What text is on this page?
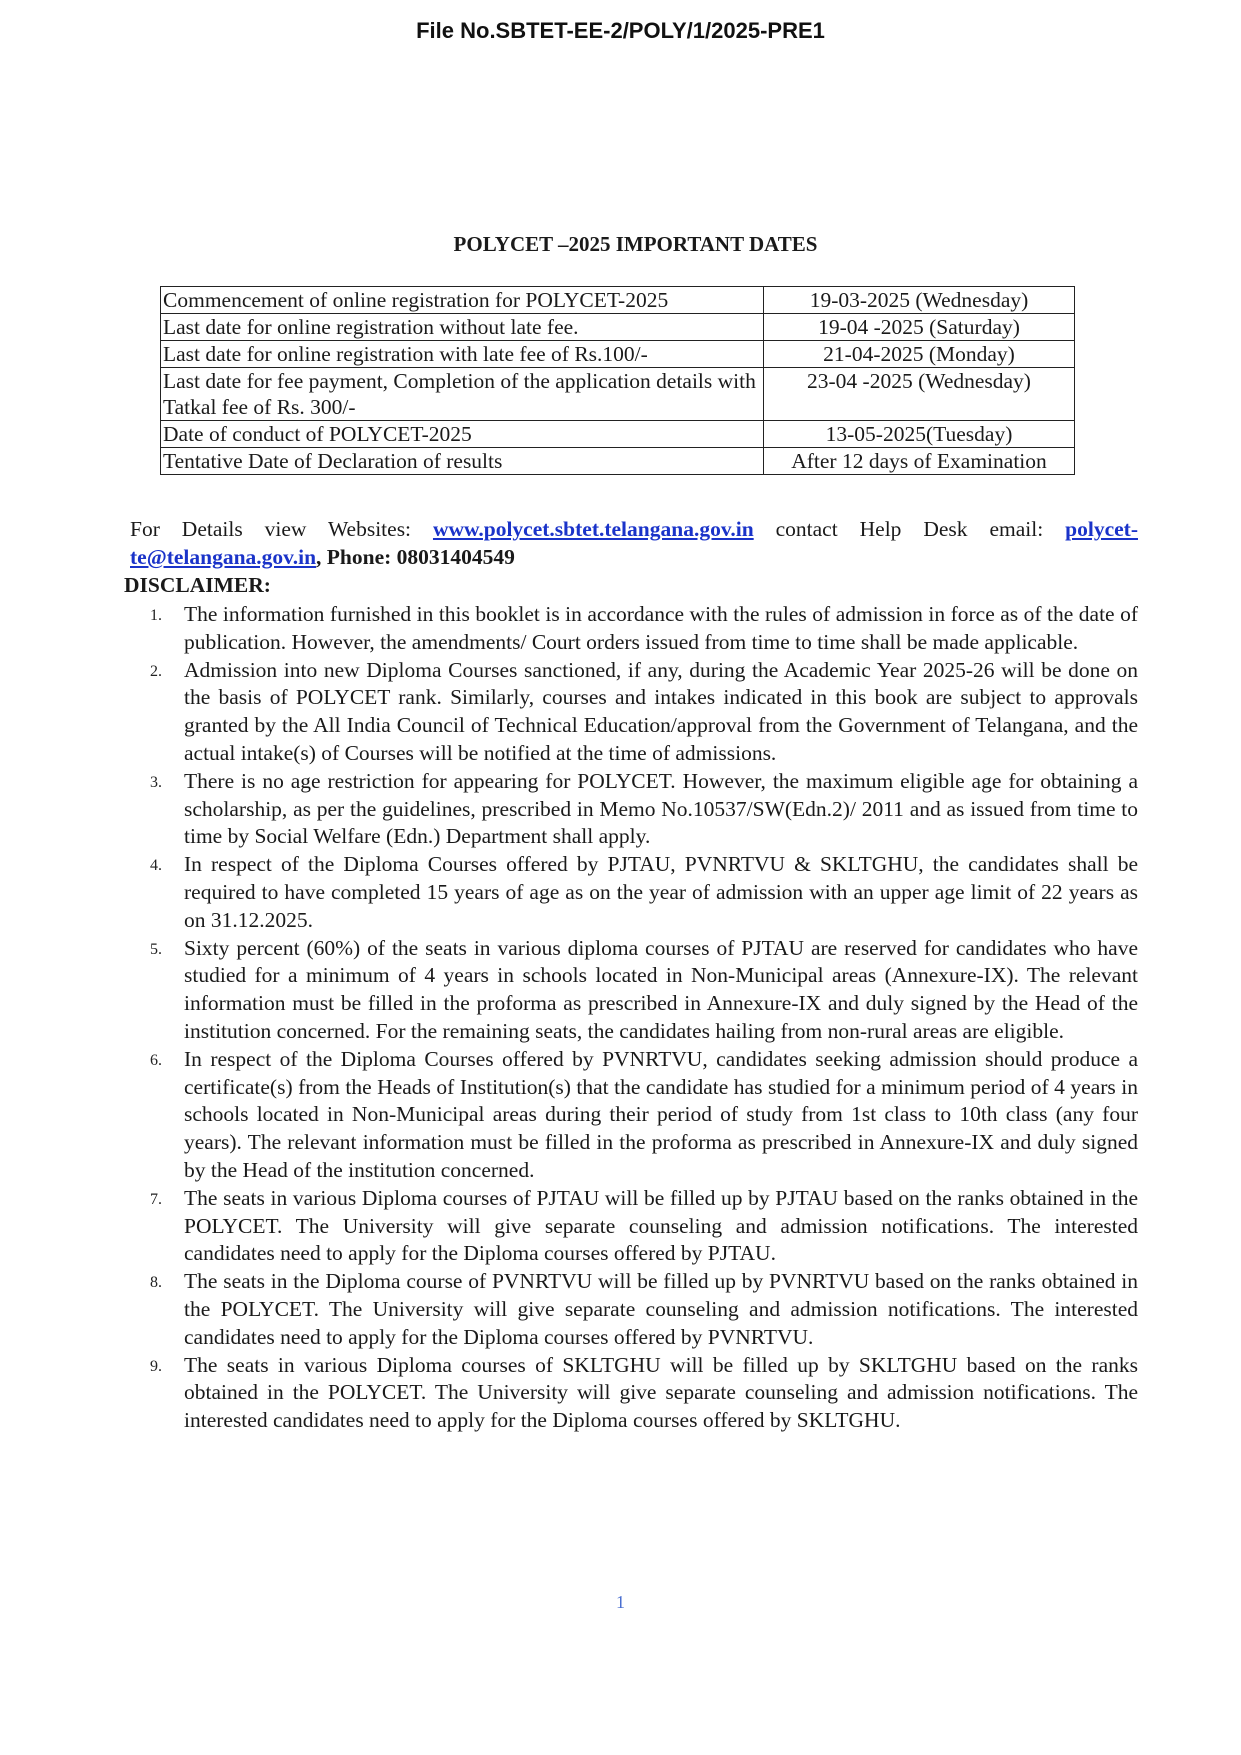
File No.SBTET-EE-2/POLY/1/2025-PRE1
POLYCET –2025 IMPORTANT DATES
Commencement of online registration for POLYCET-2025	19-03-2025 (Wednesday)
Last date for online registration without late fee.	19-04 -2025 (Saturday)
Last date for online registration with late fee of Rs.100/-	21-04-2025 (Monday)
Last date for fee payment, Completion of the application details with Tatkal fee of Rs. 300/-	23-04 -2025 (Wednesday)
Date of conduct of POLYCET-2025	13-05-2025(Tuesday)
Tentative Date of Declaration of results	After 12 days of Examination
For Details view Websites: www.polycet.sbtet.telangana.gov.in contact Help Desk email: polycet-te@telangana.gov.in, Phone: 08031404549
DISCLAIMER:
1. The information furnished in this booklet is in accordance with the rules of admission in force as of the date of publication. However, the amendments/ Court orders issued from time to time shall be made applicable.
2. Admission into new Diploma Courses sanctioned, if any, during the Academic Year 2025-26 will be done on the basis of POLYCET rank. Similarly, courses and intakes indicated in this book are subject to approvals granted by the All India Council of Technical Education/approval from the Government of Telangana, and the actual intake(s) of Courses will be notified at the time of admissions.
3. There is no age restriction for appearing for POLYCET. However, the maximum eligible age for obtaining a scholarship, as per the guidelines, prescribed in Memo No.10537/SW(Edn.2)/ 2011 and as issued from time to time by Social Welfare (Edn.) Department shall apply.
4. In respect of the Diploma Courses offered by PJTAU, PVNRTVU & SKLTGHU, the candidates shall be required to have completed 15 years of age as on the year of admission with an upper age limit of 22 years as on 31.12.2025.
5. Sixty percent (60%) of the seats in various diploma courses of PJTAU are reserved for candidates who have studied for a minimum of 4 years in schools located in Non-Municipal areas (Annexure-IX). The relevant information must be filled in the proforma as prescribed in Annexure-IX and duly signed by the Head of the institution concerned. For the remaining seats, the candidates hailing from non-rural areas are eligible.
6. In respect of the Diploma Courses offered by PVNRTVU, candidates seeking admission should produce a certificate(s) from the Heads of Institution(s) that the candidate has studied for a minimum period of 4 years in schools located in Non-Municipal areas during their period of study from 1st class to 10th class (any four years). The relevant information must be filled in the proforma as prescribed in Annexure-IX and duly signed by the Head of the institution concerned.
7. The seats in various Diploma courses of PJTAU will be filled up by PJTAU based on the ranks obtained in the POLYCET. The University will give separate counseling and admission notifications. The interested candidates need to apply for the Diploma courses offered by PJTAU.
8. The seats in the Diploma course of PVNRTVU will be filled up by PVNRTVU based on the ranks obtained in the POLYCET. The University will give separate counseling and admission notifications. The interested candidates need to apply for the Diploma courses offered by PVNRTVU.
9. The seats in various Diploma courses of SKLTGHU will be filled up by SKLTGHU based on the ranks obtained in the POLYCET. The University will give separate counseling and admission notifications. The interested candidates need to apply for the Diploma courses offered by SKLTGHU.
1
